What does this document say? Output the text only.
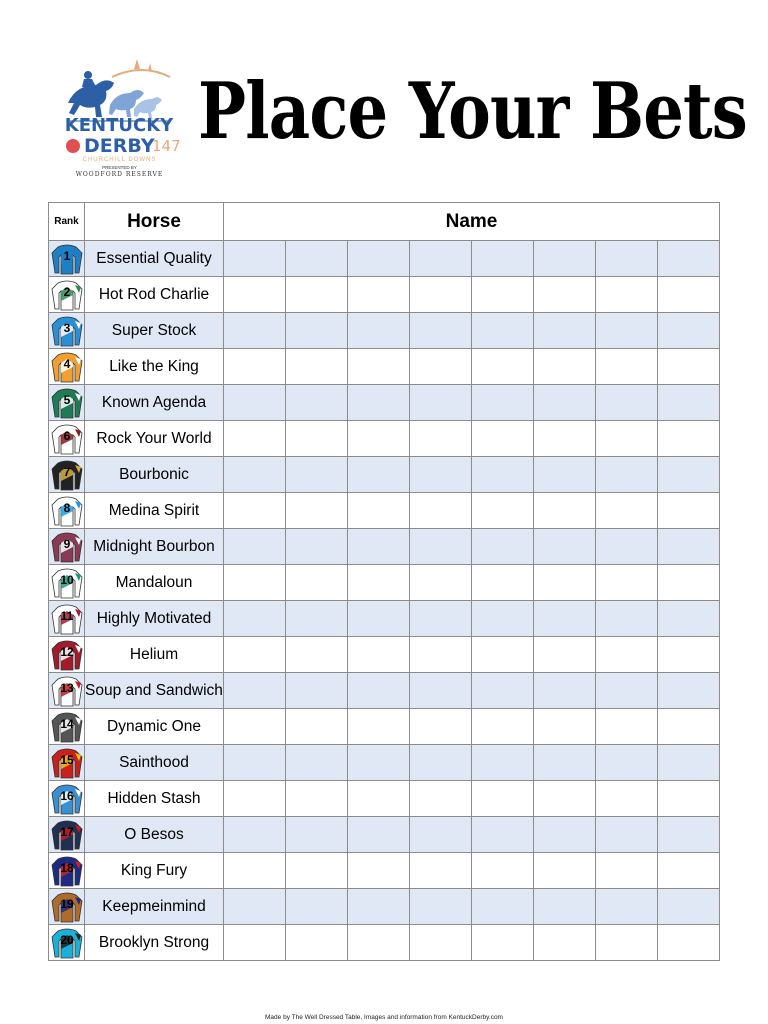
KENTUCKY
DERBY
147
CHURCHILL DOWNS
PRESENTED BY
WOODFORD RESERVE
Place Your Bets
Rank	Horse	Name							

1	Essential Quality								

2	Hot Rod Charlie								

3	Super Stock								

4	Like the King								

5	Known Agenda								

6	Rock Your World								

7	Bourbonic								

8	Medina Spirit								

9	Midnight Bourbon								

10	Mandaloun								

11	Highly Motivated								

12	Helium								

13	Soup and Sandwich								

14	Dynamic One								

15	Sainthood								

16	Hidden Stash								

17	O Besos								

18	King Fury								

19	Keepmeinmind								

20	Brooklyn Strong								
Made by The Well Dressed Table, Images and information from KentuckDerby.com
